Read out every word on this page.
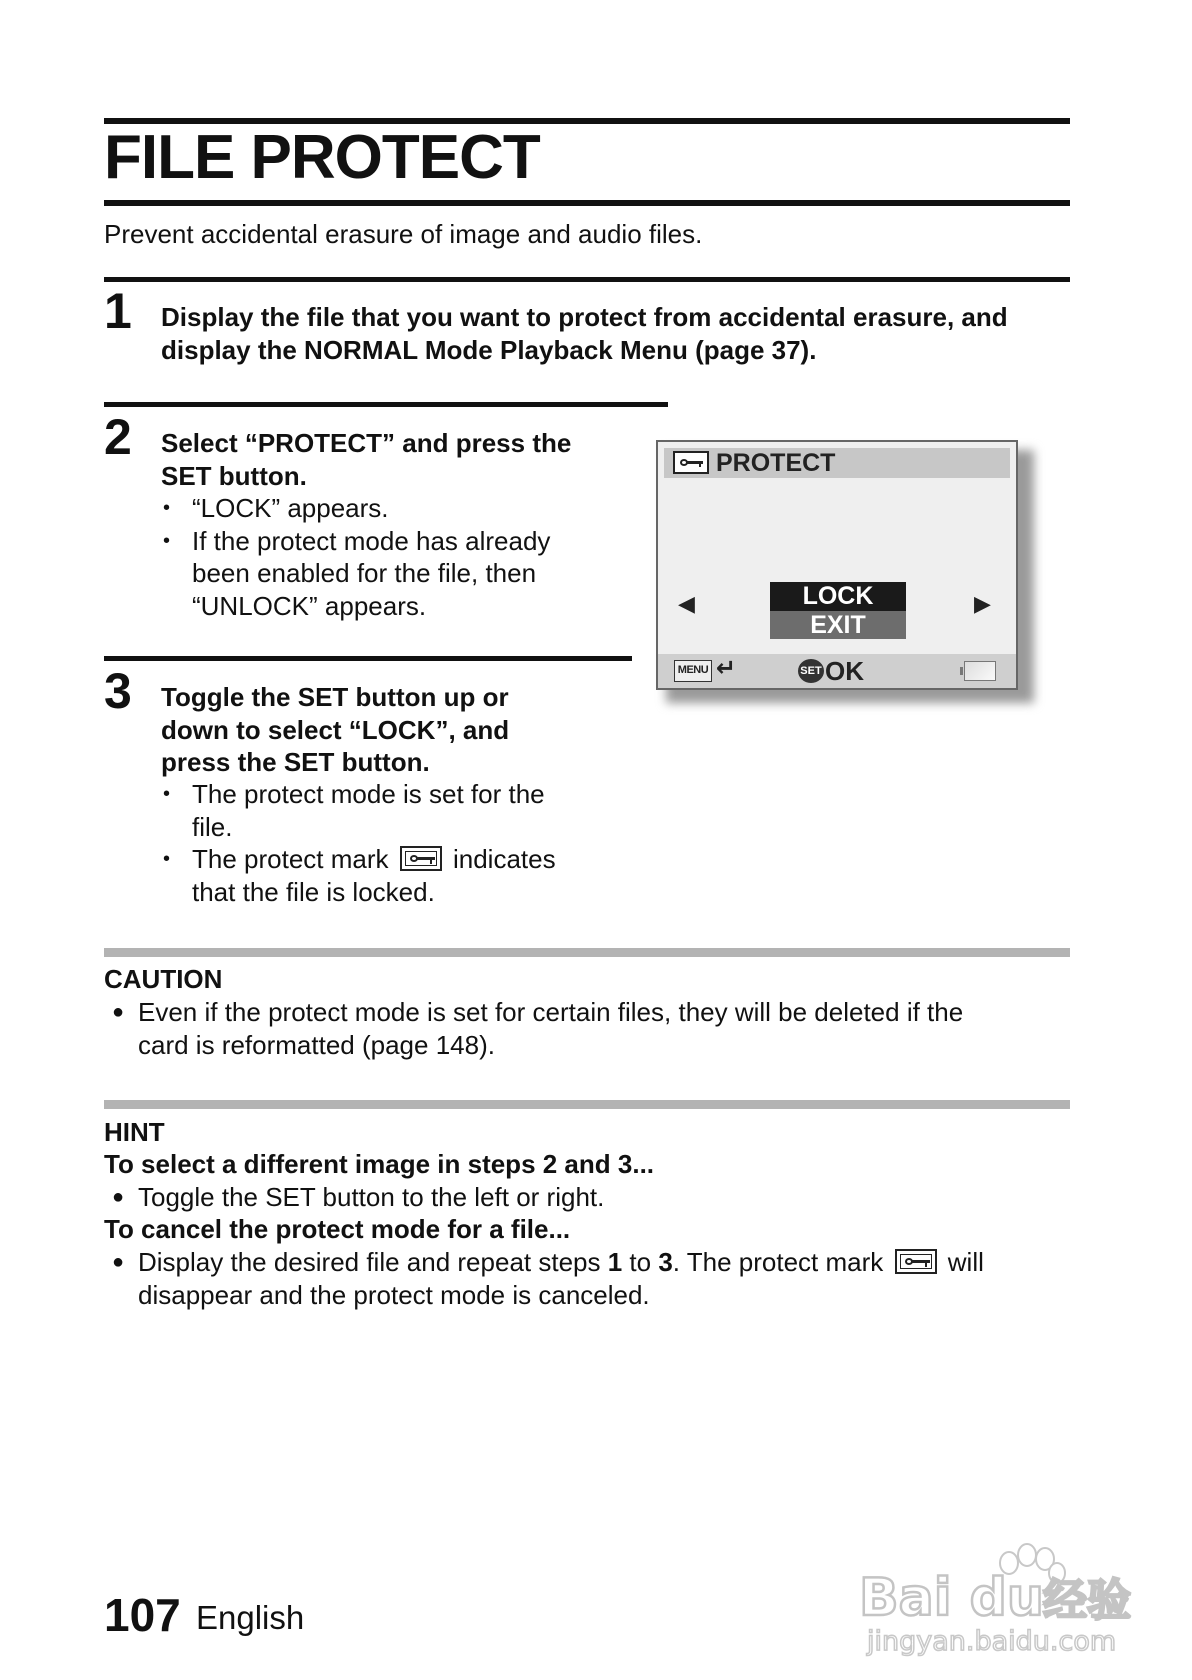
FILE PROTECT
Prevent accidental erasure of image and audio files.
1 Display the file that you want to protect from accidental erasure, and
display the NORMAL Mode Playback Menu (page 37).
2 Select “PROTECT” and press the
SET button.
• “LOCK” appears.
• If the protect mode has already
been enabled for the file, then
“UNLOCK” appears.
PROTECT
◀	LOCK
EXIT
▶
MENU ↵	SET OK
3 Toggle the SET button up or
down to select “LOCK”, and
press the SET button.
• The protect mode is set for the
file.
• The protect mark indicates
that the file is locked.
CAUTION
● Even if the protect mode is set for certain files, they will be deleted if the
card is reformatted (page 148).
HINT
To select a different image in steps 2 and 3...
● Toggle the SET button to the left or right.
To cancel the protect mode for a file...
● Display the desired file and repeat steps 1 to 3. The protect mark will
disappear and the protect mode is canceled.
107 English	Bai du 经验
jingyan.baidu.com
